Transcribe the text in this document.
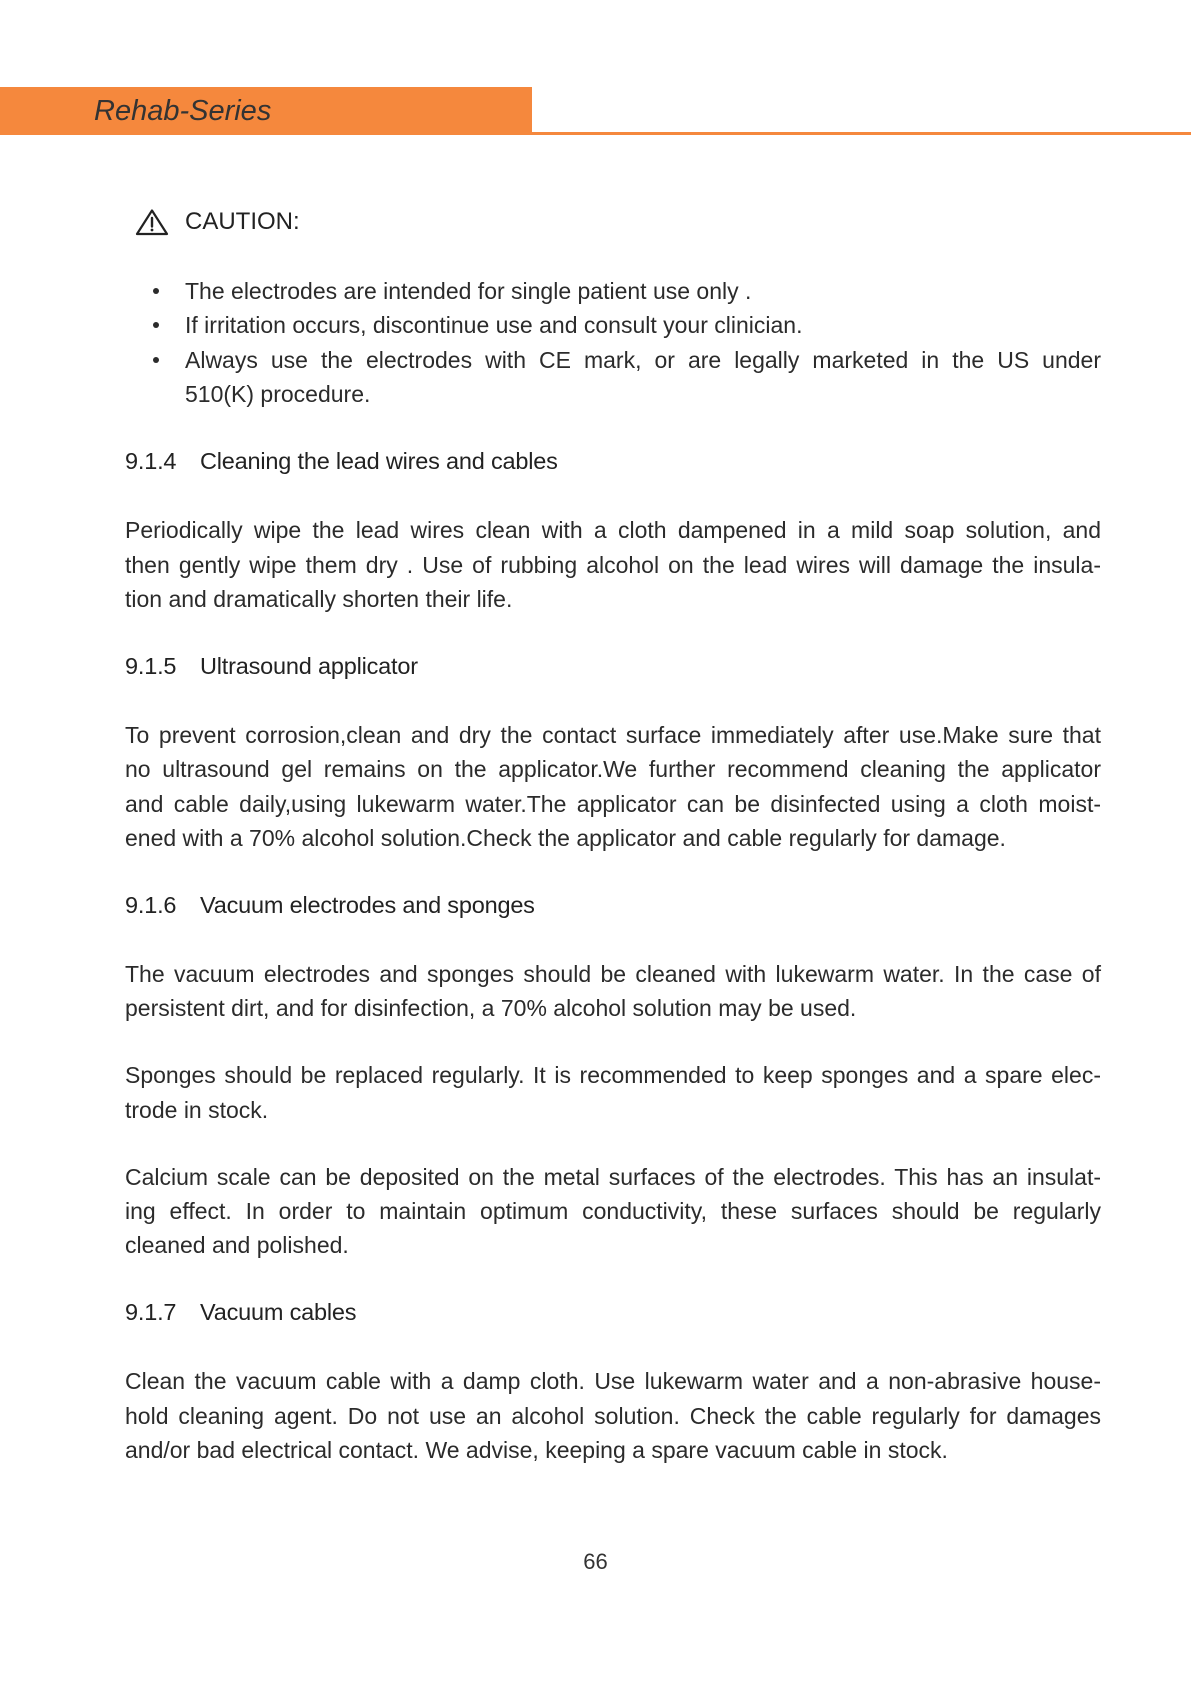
Rehab-Series
CAUTION:
The electrodes are intended for single patient use only .
If irritation occurs, discontinue use and consult your clinician.
Always use the electrodes with CE mark, or are legally marketed in the US under
510(K) procedure.
9.1.4 Cleaning the lead wires and cables

Periodically wipe the lead wires clean with a cloth dampened in a mild soap solution, and
then gently wipe them dry . Use of rubbing alcohol on the lead wires will damage the insula-
tion and dramatically shorten their life.

9.1.5 Ultrasound applicator

To prevent corrosion,clean and dry the contact surface immediately after use.Make sure that
no ultrasound gel remains on the applicator.We further recommend cleaning the applicator
and cable daily,using lukewarm water.The applicator can be disinfected using a cloth moist-
ened with a 70% alcohol solution.Check the applicator and cable regularly for damage.

9.1.6 Vacuum electrodes and sponges

The vacuum electrodes and sponges should be cleaned with lukewarm water. In the case of
persistent dirt, and for disinfection, a 70% alcohol solution may be used.

Sponges should be replaced regularly. It is recommended to keep sponges and a spare elec-
trode in stock.

Calcium scale can be deposited on the metal surfaces of the electrodes. This has an insulat-
ing effect. In order to maintain optimum conductivity, these surfaces should be regularly
cleaned and polished.

9.1.7 Vacuum cables

Clean the vacuum cable with a damp cloth. Use lukewarm water and a non-abrasive house-
hold cleaning agent. Do not use an alcohol solution. Check the cable regularly for damages
and/or bad electrical contact. We advise, keeping a spare vacuum cable in stock.

66
